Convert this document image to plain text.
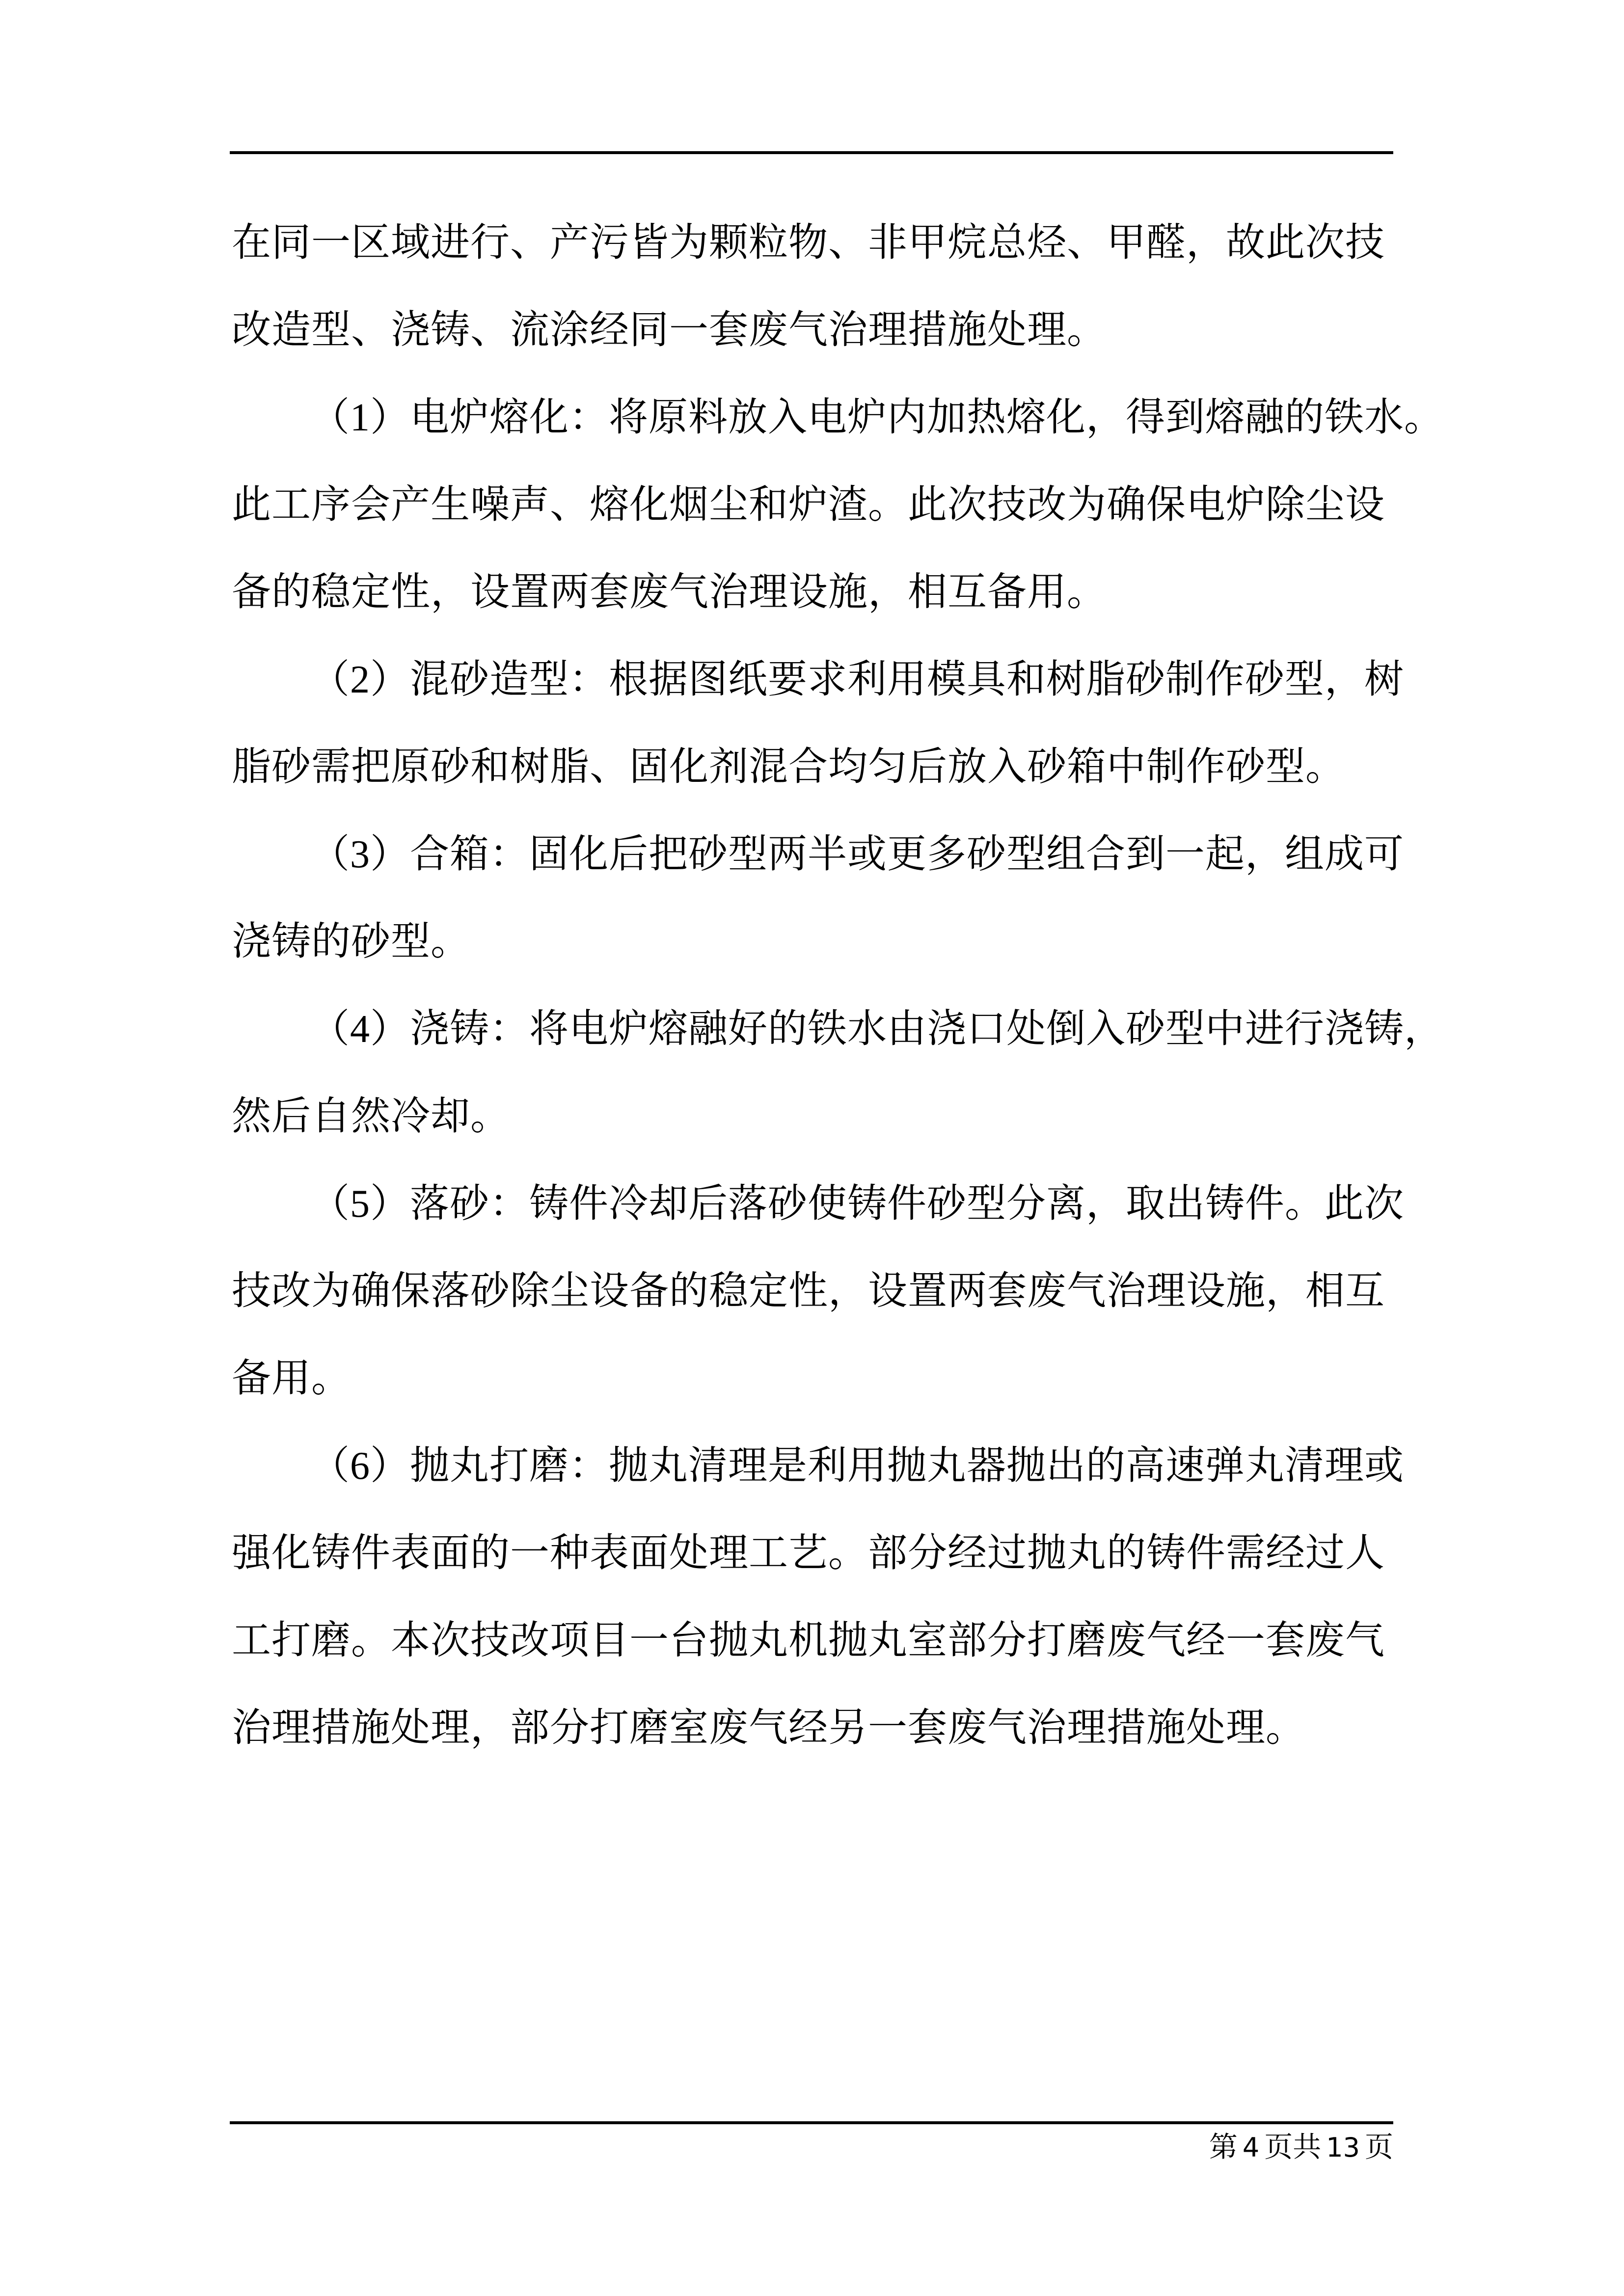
在同一区域进行、产污皆为颗粒物、非甲烷总烃、甲醛，故此次技
改造型、浇铸、流涂经同一套废气治理措施处理。
（1）电炉熔化：将原料放入电炉内加热熔化，得到熔融的铁水。
此工序会产生噪声、熔化烟尘和炉渣。此次技改为确保电炉除尘设
备的稳定性，设置两套废气治理设施，相互备用。
（2）混砂造型：根据图纸要求利用模具和树脂砂制作砂型，树
脂砂需把原砂和树脂、固化剂混合均匀后放入砂箱中制作砂型。
（3）合箱：固化后把砂型两半或更多砂型组合到一起，组成可
浇铸的砂型。
（4）浇铸：将电炉熔融好的铁水由浇口处倒入砂型中进行浇铸，
然后自然冷却。
（5）落砂：铸件冷却后落砂使铸件砂型分离，取出铸件。此次
技改为确保落砂除尘设备的稳定性，设置两套废气治理设施，相互
备用。
（6）抛丸打磨：抛丸清理是利用抛丸器抛出的高速弹丸清理或
强化铸件表面的一种表面处理工艺。部分经过抛丸的铸件需经过人
工打磨。本次技改项目一台抛丸机抛丸室部分打磨废气经一套废气
治理措施处理，部分打磨室废气经另一套废气治理措施处理。
第 4 页共 13 页
